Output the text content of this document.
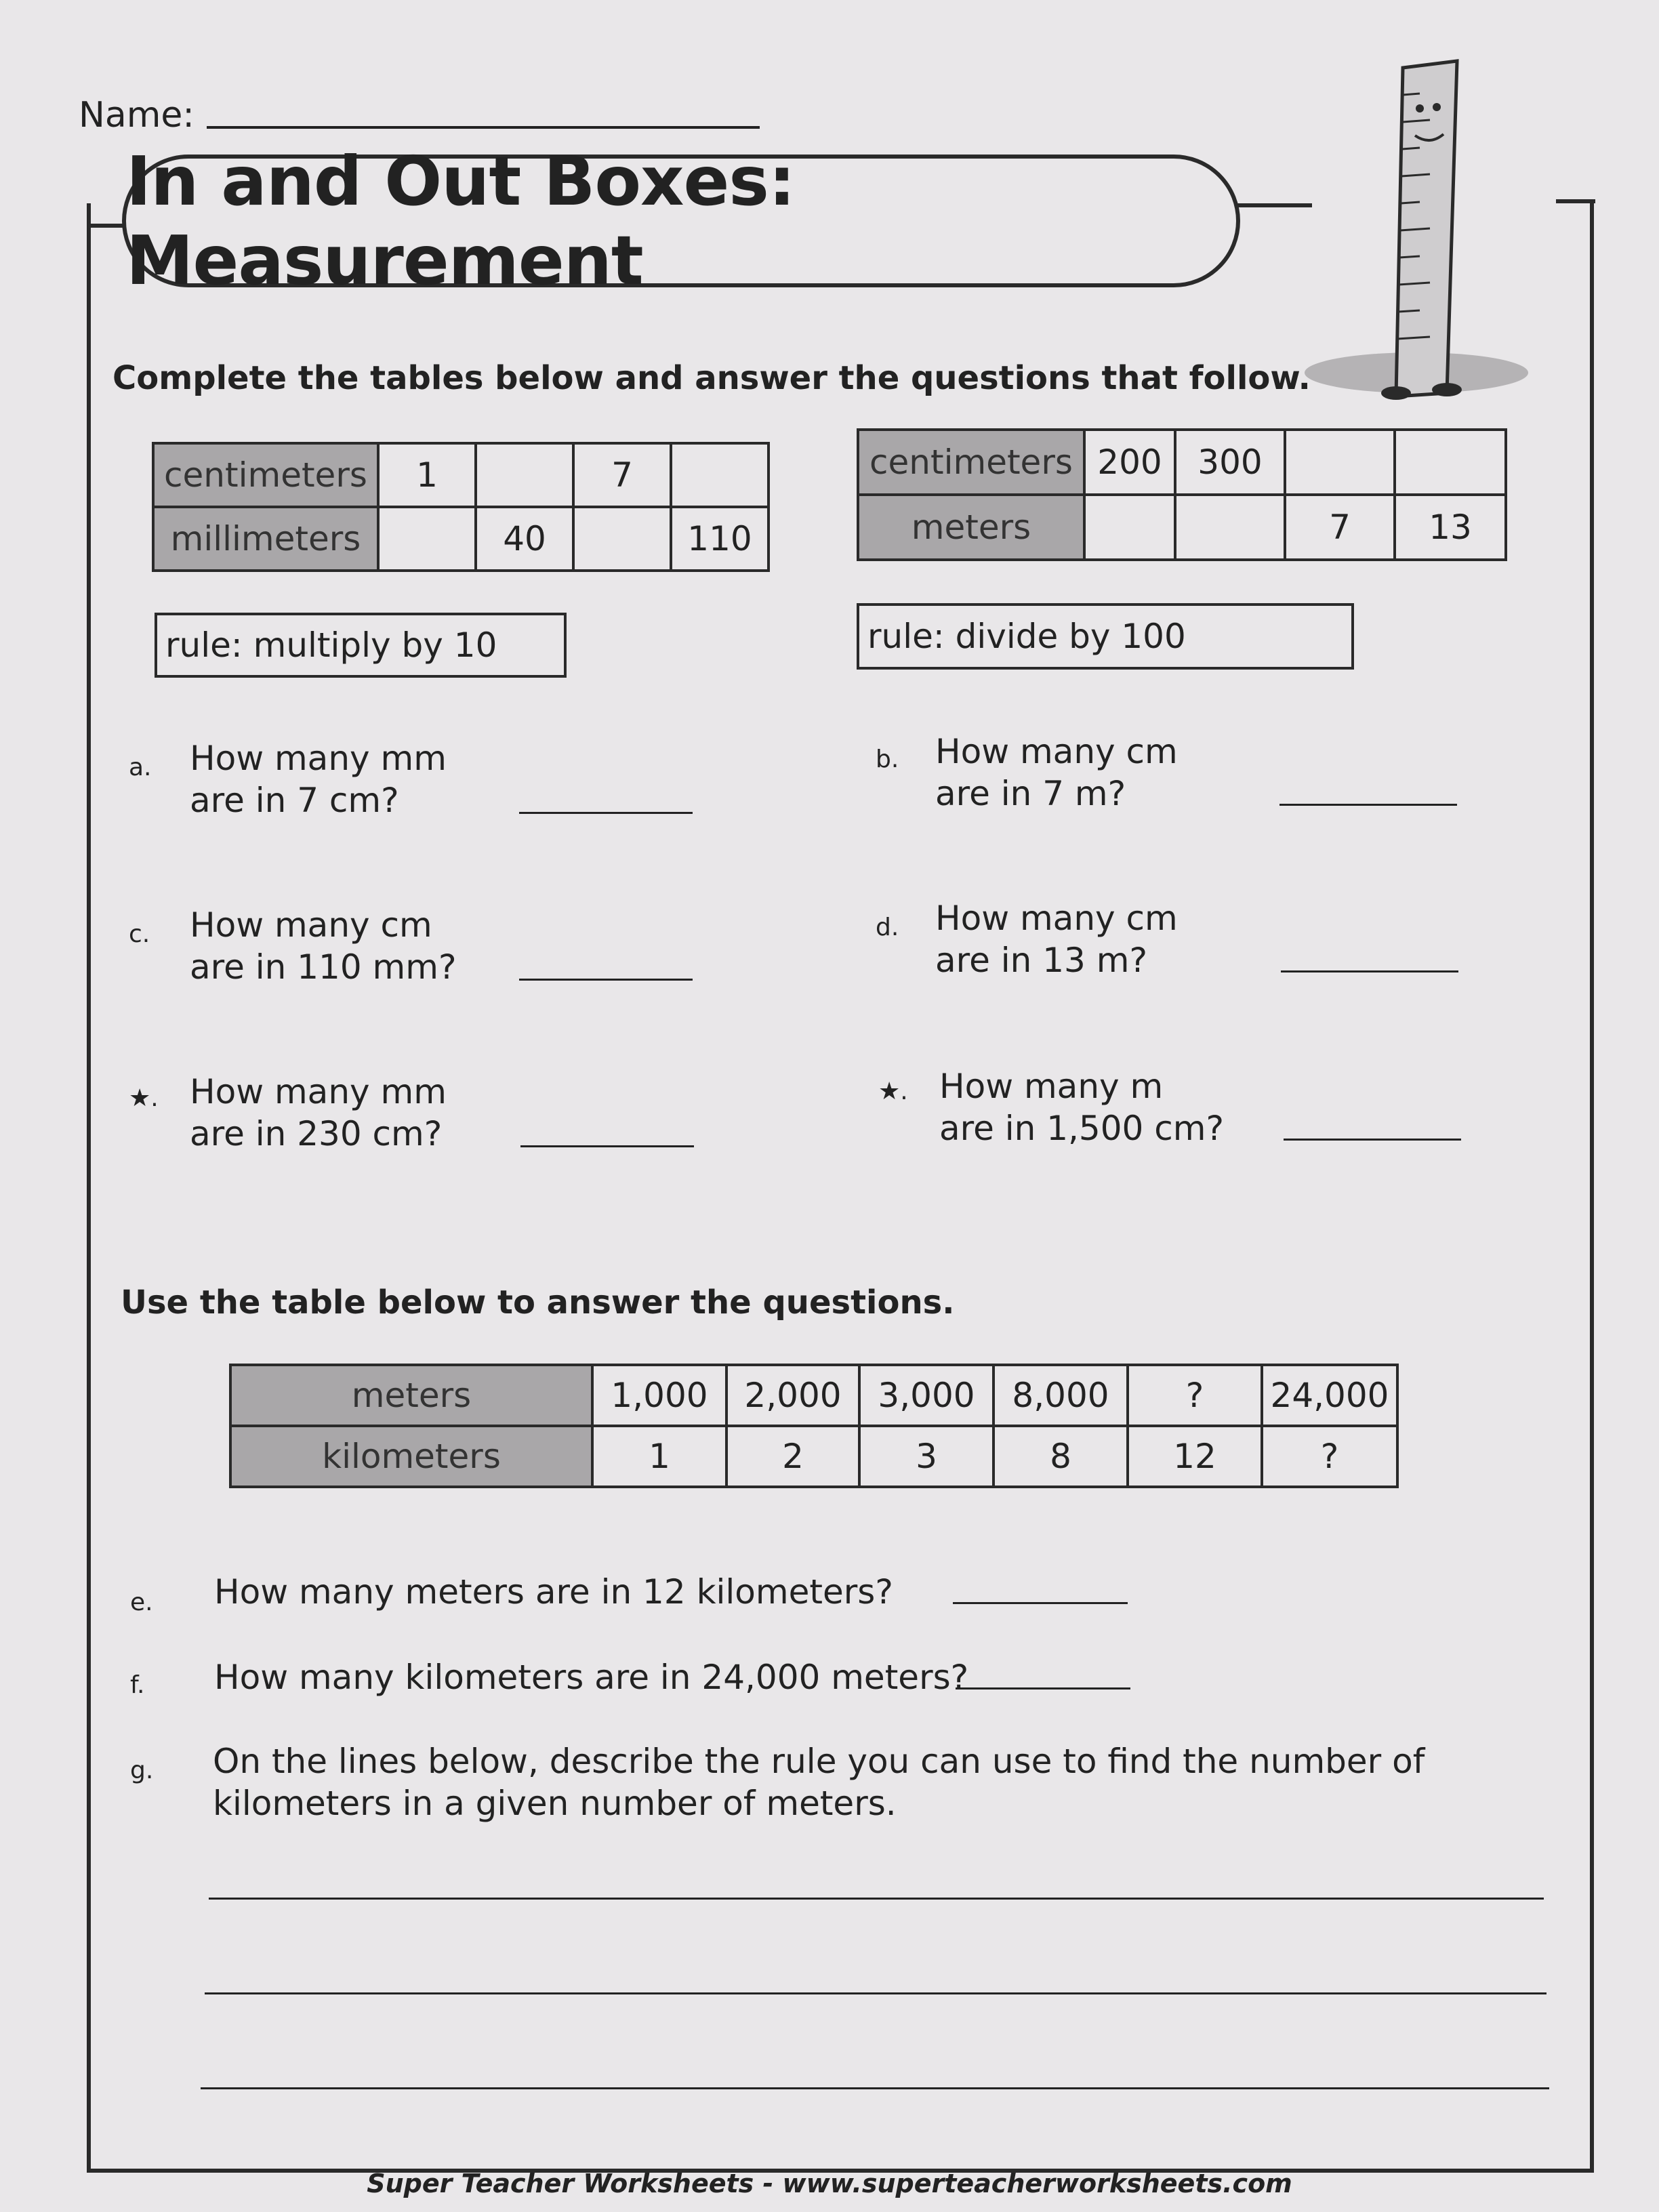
Name:
In and Out Boxes: Measurement
Complete the tables below and answer the questions that follow.
centimeters	1		7	
millimeters		40		110
rule: multiply by 10
centimeters	200	300		
meters			7	13
rule: divide by 100
a. How many mm
are in 7 cm?
b. How many cm
are in 7 m?
c. How many cm
are in 110 mm?
d. How many cm
are in 13 m?
★. How many mm
are in 230 cm?
★. How many m
are in 1,500 cm?
Use the table below to answer the questions.
meters	1,000	2,000	3,000	8,000	?	24,000
kilometers	1	2	3	8	12	?
e. How many meters are in 12 kilometers?
f. How many kilometers are in 24,000 meters?
g. On the lines below, describe the rule you can use to find the number of
kilometers in a given number of meters.
Super Teacher Worksheets - www.superteacherworksheets.com
